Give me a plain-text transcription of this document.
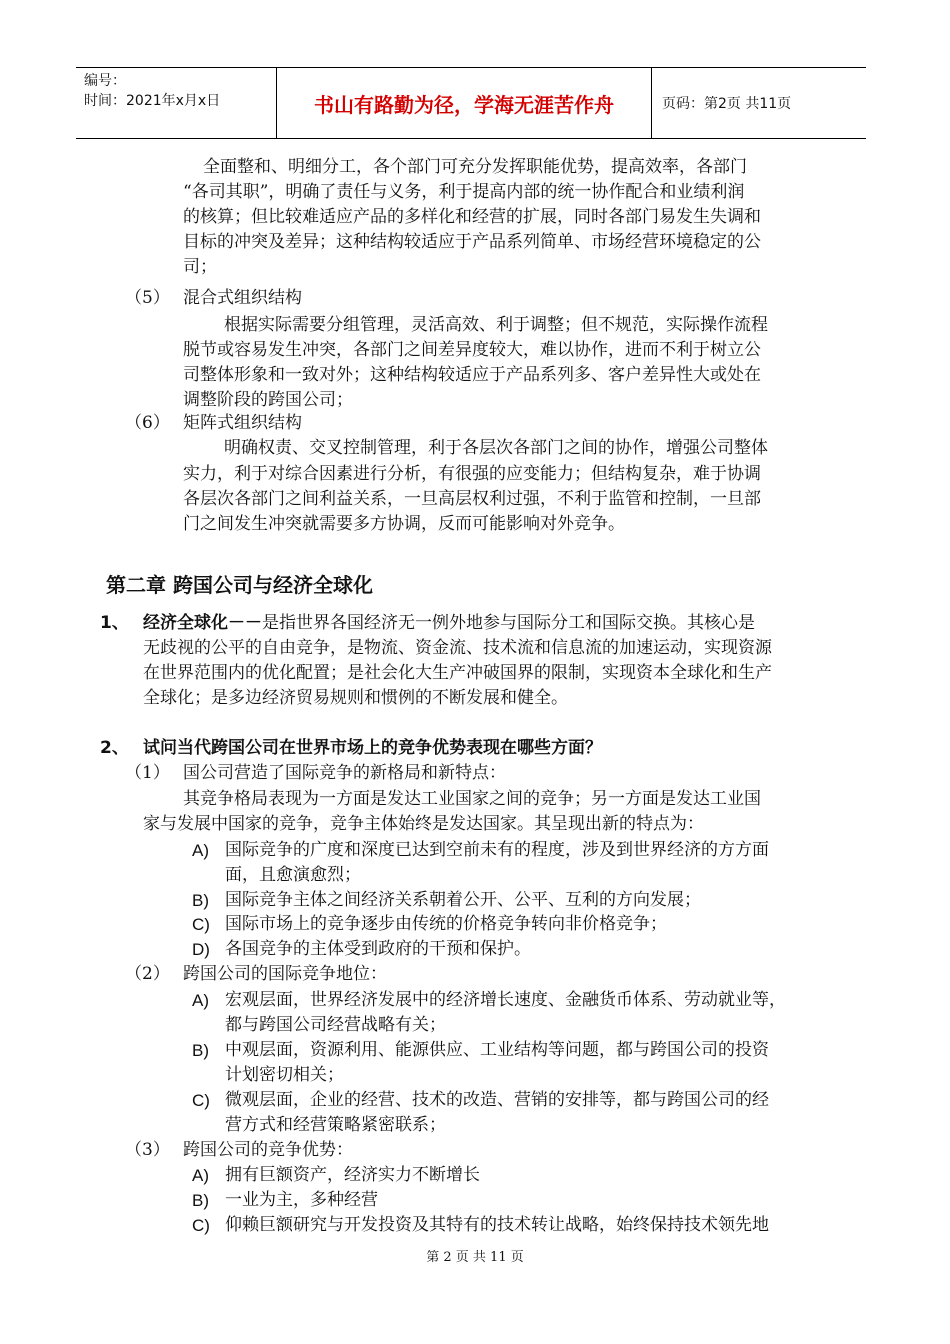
编号：
时间：2021年x月x日	书山有路勤为径，学海无涯苦作舟	页码：第2页 共11页
全面整和、明细分工，各个部门可充分发挥职能优势，提高效率，各部门
“各司其职”，明确了责任与义务，利于提高内部的统一协作配合和业绩利润
的核算；但比较难适应产品的多样化和经营的扩展，同时各部门易发生失调和
目标的冲突及差异；这种结构较适应于产品系列简单、市场经营环境稳定的公
司；
（5） 混合式组织结构
根据实际需要分组管理，灵活高效、利于调整；但不规范，实际操作流程
脱节或容易发生冲突，各部门之间差异度较大，难以协作，进而不利于树立公
司整体形象和一致对外；这种结构较适应于产品系列多、客户差异性大或处在
调整阶段的跨国公司；
（6） 矩阵式组织结构
明确权责、交叉控制管理，利于各层次各部门之间的协作，增强公司整体
实力，利于对综合因素进行分析，有很强的应变能力；但结构复杂，难于协调
各层次各部门之间利益关系，一旦高层权利过强，不利于监管和控制，一旦部
门之间发生冲突就需要多方协调，反而可能影响对外竞争。
第二章 跨国公司与经济全球化
1、 经济全球化－－是指世界各国经济无一例外地参与国际分工和国际交换。其核心是
无歧视的公平的自由竞争，是物流、资金流、技术流和信息流的加速运动，实现资源
在世界范围内的优化配置；是社会化大生产冲破国界的限制，实现资本全球化和生产
全球化；是多边经济贸易规则和惯例的不断发展和健全。
2、 试问当代跨国公司在世界市场上的竞争优势表现在哪些方面？
（1） 国公司营造了国际竞争的新格局和新特点：
其竞争格局表现为一方面是发达工业国家之间的竞争；另一方面是发达工业国
家与发展中国家的竞争，竞争主体始终是发达国家。其呈现出新的特点为：
A) 国际竞争的广度和深度已达到空前未有的程度，涉及到世界经济的方方面
面，且愈演愈烈；
B) 国际竞争主体之间经济关系朝着公开、公平、互利的方向发展；
C) 国际市场上的竞争逐步由传统的价格竞争转向非价格竞争；
D) 各国竞争的主体受到政府的干预和保护。
（2） 跨国公司的国际竞争地位：
A) 宏观层面，世界经济发展中的经济增长速度、金融货币体系、劳动就业等，
都与跨国公司经营战略有关；
B) 中观层面，资源利用、能源供应、工业结构等问题，都与跨国公司的投资
计划密切相关；
C) 微观层面，企业的经营、技术的改造、营销的安排等，都与跨国公司的经
营方式和经营策略紧密联系；
（3） 跨国公司的竞争优势：
A) 拥有巨额资产，经济实力不断增长
B) 一业为主，多种经营
C) 仰赖巨额研究与开发投资及其特有的技术转让战略，始终保持技术领先地
第 2 页 共 11 页
